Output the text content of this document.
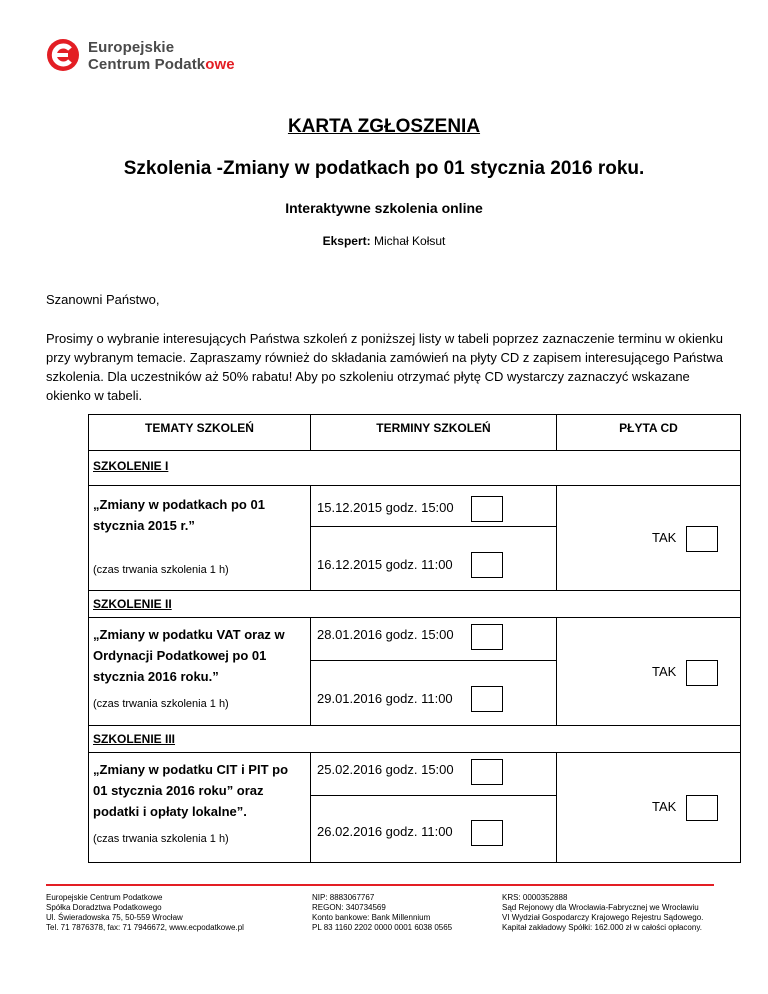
Europejskie
Centrum Podatkowe
KARTA ZGŁOSZENIA
Szkolenia -Zmiany w podatkach po 01 stycznia 2016 roku.
Interaktywne szkolenia online
Ekspert: Michał Kołsut
Szanowni Państwo,
Prosimy o wybranie interesujących Państwa szkoleń z poniższej listy w tabeli poprzez zaznaczenie terminu w okienku przy wybranym temacie. Zapraszamy również do składania zamówień na płyty CD z zapisem interesującego Państwa szkolenia. Dla uczestników aż 50% rabatu! Aby po szkoleniu otrzymać płytę CD wystarczy zaznaczyć wskazane okienko w tabeli.
TEMATY SZKOLEŃ	TERMINY SZKOLEŃ	PŁYTA CD

SZKOLENIE I		

„Zmiany w podatkach po 01 stycznia 2015 r.”
(czas trwania szkolenia 1 h)	15.12.2015 godz. 15:00	TAK

	16.12.2015 godz. 11:00	

SZKOLENIE II		

„Zmiany w podatku VAT oraz w Ordynacji Podatkowej po 01 stycznia 2016 roku.”
(czas trwania szkolenia 1 h)	28.01.2016 godz. 15:00	TAK

	29.01.2016 godz. 11:00	

SZKOLENIE III		

„Zmiany w podatku CIT i PIT po 01 stycznia 2016 roku” oraz podatki i opłaty lokalne”.
(czas trwania szkolenia 1 h)	25.02.2016 godz. 15:00	TAK

	26.02.2016 godz. 11:00	
Europejskie Centrum Podatkowe
Spółka Doradztwa Podatkowego
Ul. Świeradowska 75, 50-559 Wrocław
Tel. 71 7876378, fax: 71 7946672, www.ecpodatkowe.pl
NIP: 8883067767
REGON: 340734569
Konto bankowe: Bank Millennium
PL 83 1160 2202 0000 0001 6038 0565
KRS: 0000352888
Sąd Rejonowy dla Wrocławia-Fabrycznej we Wrocławiu
VI Wydział Gospodarczy Krajowego Rejestru Sądowego.
Kapitał zakładowy Spółki: 162.000 zł w całości opłacony.
